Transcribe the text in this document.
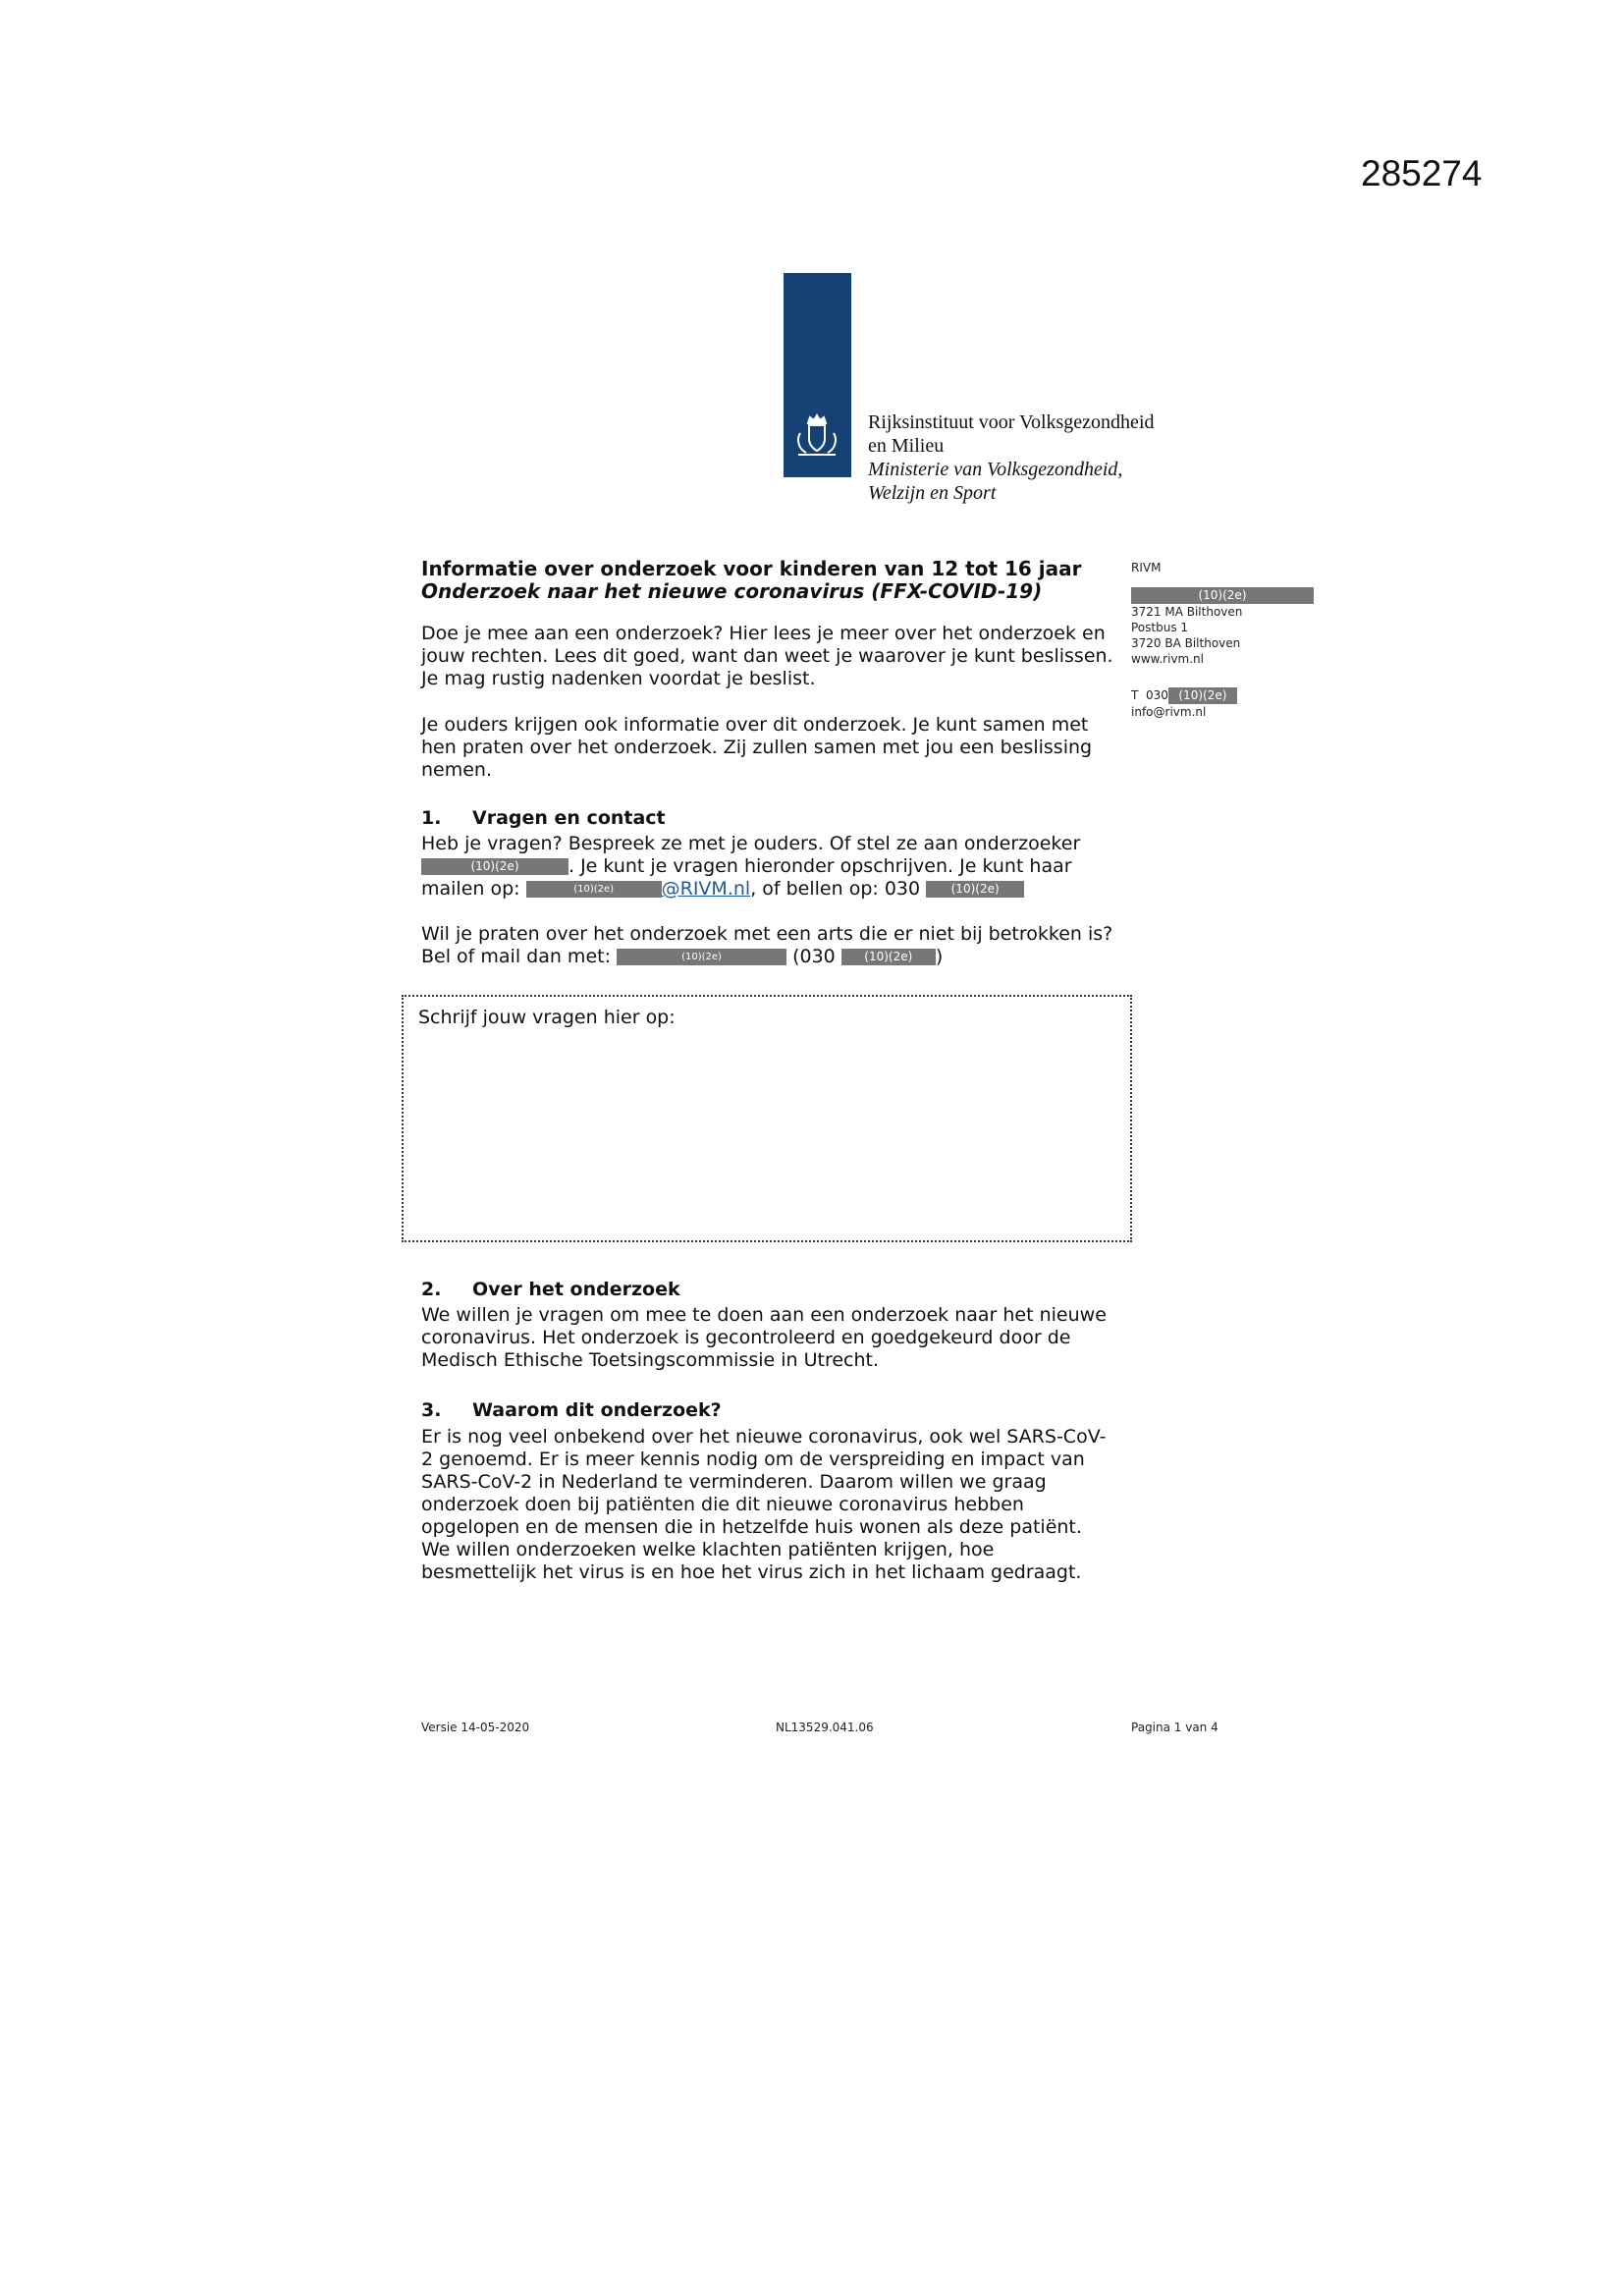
285274
Rijksinstituut voor Volksgezondheid
en Milieu
Ministerie van Volksgezondheid,
Welzijn en Sport
Informatie over onderzoek voor kinderen van 12 tot 16 jaar
Onderzoek naar het nieuwe coronavirus (FFX-COVID-19)

Doe je mee aan een onderzoek? Hier lees je meer over het onderzoek en jouw rechten. Lees dit goed, want dan weet je waarover je kunt beslissen. Je mag rustig nadenken voordat je beslist.

Je ouders krijgen ook informatie over dit onderzoek. Je kunt samen met hen praten over het onderzoek. Zij zullen samen met jou een beslissing nemen.

1. Vragen en contact
Heb je vragen? Bespreek ze met je ouders. Of stel ze aan onderzoeker
(10)(2e)	. Je kunt je vragen hieronder opschrijven. Je kunt haar
mailen op:	(10)(2e)	@RIVM.nl, of bellen op: 030	(10)(2e)
Wil je praten over het onderzoek met een arts die er niet bij betrokken is?
Bel of mail dan met:	(10)(2e)	(030 (10)(2e) )
Schrijf jouw vragen hier op:
2. Over het onderzoek

We willen je vragen om mee te doen aan een onderzoek naar het nieuwe coronavirus. Het onderzoek is gecontroleerd en goedgekeurd door de Medisch Ethische Toetsingscommissie in Utrecht.

3. Waarom dit onderzoek?

Er is nog veel onbekend over het nieuwe coronavirus, ook wel SARS-CoV-2 genoemd. Er is meer kennis nodig om de verspreiding en impact van SARS-CoV-2 in Nederland te verminderen. Daarom willen we graag onderzoek doen bij patiënten die dit nieuwe coronavirus hebben opgelopen en de mensen die in hetzelfde huis wonen als deze patiënt. We willen onderzoeken welke klachten patiënten krijgen, hoe besmettelijk het virus is en hoe het virus zich in het lichaam gedraagt.

RIVM
(10)(2e)
3721 MA Bilthoven
Postbus 1
3720 BA Bilthoven
www.rivm.nl
T 030 (10)(2e)
info@rivm.nl
Versie 14-05-2020	NL13529.041.06	Pagina 1 van 4
